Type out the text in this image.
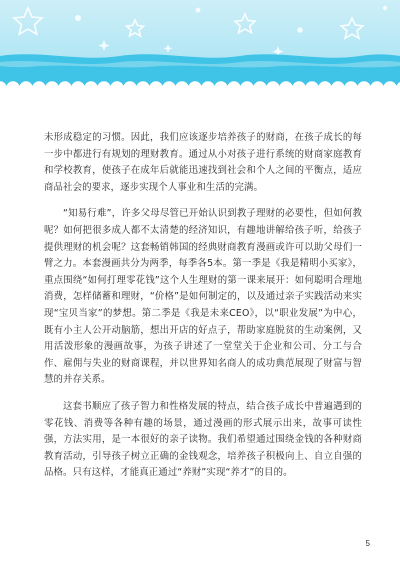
未形成稳定的习惯。因此，我们应该逐步培养孩子的财商，在孩子成长的每一步中都进行有规划的理财教育。通过从小对孩子进行系统的财商家庭教育和学校教育，使孩子在成年后就能迅速找到社会和个人之间的平衡点，适应商品社会的要求，逐步实现个人事业和生活的完满。

“知易行难”，许多父母尽管已开始认识到教子理财的必要性，但如何教呢？如何把很多成人都不太清楚的经济知识，有趣地讲解给孩子听，给孩子提供理财的机会呢？这套畅销韩国的经典财商教育漫画或许可以助父母们一臂之力。本套漫画共分为两季，每季各5本。第一季是《我是精明小买家》，重点围绕“如何打理零花钱”这个人生理财的第一课来展开：如何聪明合理地消费，怎样储蓄和理财，“价格”是如何制定的，以及通过亲子实践活动来实现“宝贝当家”的梦想。第二季是《我是未来CEO》，以“职业发展”为中心，既有小主人公开动脑筋，想出开店的好点子，帮助家庭脱贫的生动案例，又用活泼形象的漫画故事，为孩子讲述了一堂堂关于企业和公司、分工与合作、雇佣与失业的财商课程，并以世界知名商人的成功典范展现了财富与智慧的并存关系。

这套书顺应了孩子智力和性格发展的特点，结合孩子成长中普遍遇到的零花钱、消费等各种有趣的场景，通过漫画的形式展示出来，故事可读性强，方法实用，是一本很好的亲子读物。我们希望通过围绕金钱的各种财商教育活动，引导孩子树立正确的金钱观念，培养孩子积极向上、自立自强的品格。只有这样，才能真正通过“养财”实现“养才”的目的。

5
